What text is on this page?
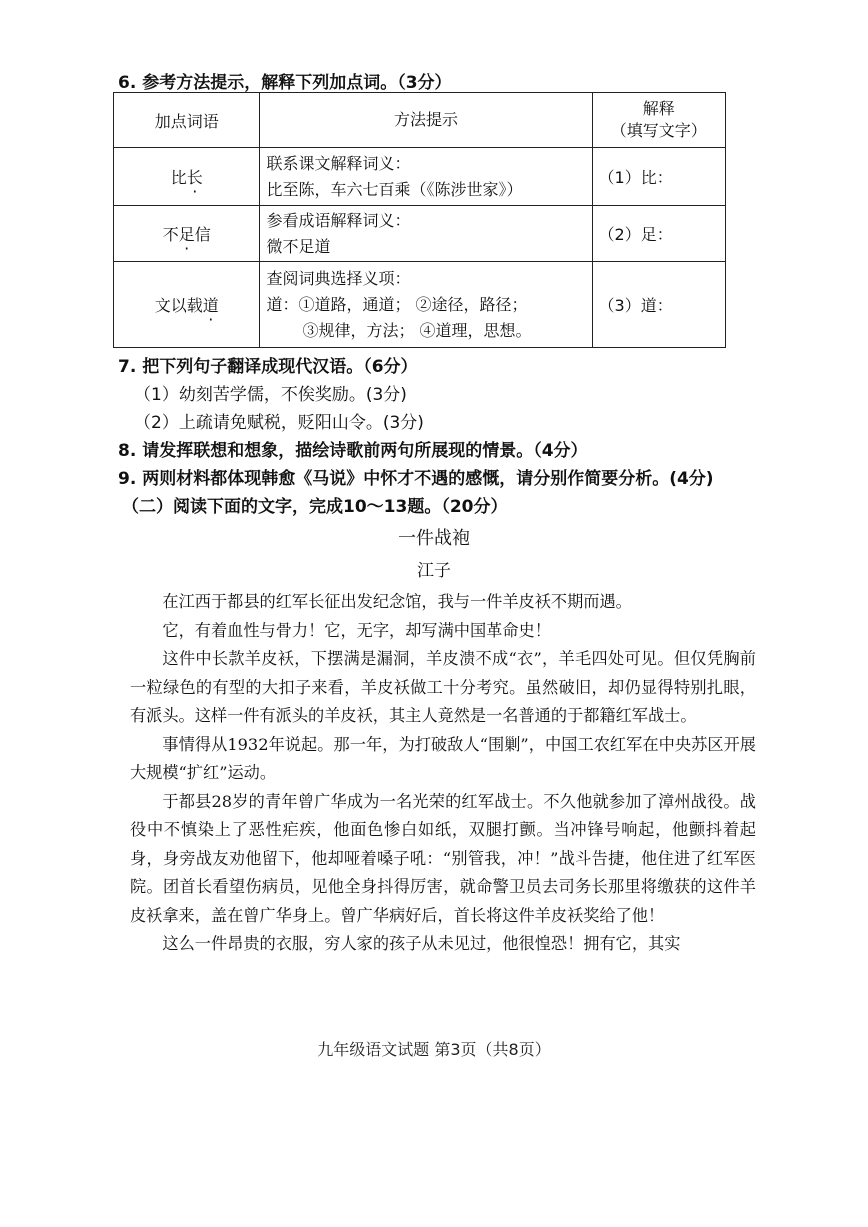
6. 参考方法提示，解释下列加点词。（3分）
加点词语	方法提示	解释
（填写文字）

比长	联系课文解释词义：
比至陈，车六七百乘（《陈涉世家》）	（1）比：
不足信	参看成语解释词义：
微不足道	（2）足：
文以载道	查阅词典选择义项：
道：①道路，通道； ②途径，路径；
③规律，方法； ④道理，思想。	（3）道：
7. 把下列句子翻译成现代汉语。（6分）
（1）幼刻苦学儒，不俟奖励。(3分)
（2）上疏请免赋税，贬阳山令。(3分)
8. 请发挥联想和想象，描绘诗歌前两句所展现的情景。（4分）
9. 两则材料都体现韩愈《马说》中怀才不遇的感慨，请分别作简要分析。(4分)
（二）阅读下面的文字，完成10～13题。（20分）
一件战袍
江子

在江西于都县的红军长征出发纪念馆，我与一件羊皮袄不期而遇。

它，有着血性与骨力！它，无字，却写满中国革命史！

这件中长款羊皮袄，下摆满是漏洞，羊皮溃不成“衣”，羊毛四处可见。但仅凭胸前一粒绿色的有型的大扣子来看，羊皮袄做工十分考究。虽然破旧，却仍显得特别扎眼，有派头。这样一件有派头的羊皮袄，其主人竟然是一名普通的于都籍红军战士。

事情得从1932年说起。那一年，为打破敌人“围剿”，中国工农红军在中央苏区开展大规模“扩红”运动。

于都县28岁的青年曾广华成为一名光荣的红军战士。不久他就参加了漳州战役。战役中不慎染上了恶性疟疾，他面色惨白如纸，双腿打颤。当冲锋号响起，他颤抖着起身，身旁战友劝他留下，他却哑着嗓子吼：“别管我，冲！”战斗告捷，他住进了红军医院。团首长看望伤病员，见他全身抖得厉害，就命警卫员去司务长那里将缴获的这件羊皮袄拿来，盖在曾广华身上。曾广华病好后，首长将这件羊皮袄奖给了他！

这么一件昂贵的衣服，穷人家的孩子从未见过，他很惶恐！拥有它，其实

九年级语文试题 第3页（共8页）
